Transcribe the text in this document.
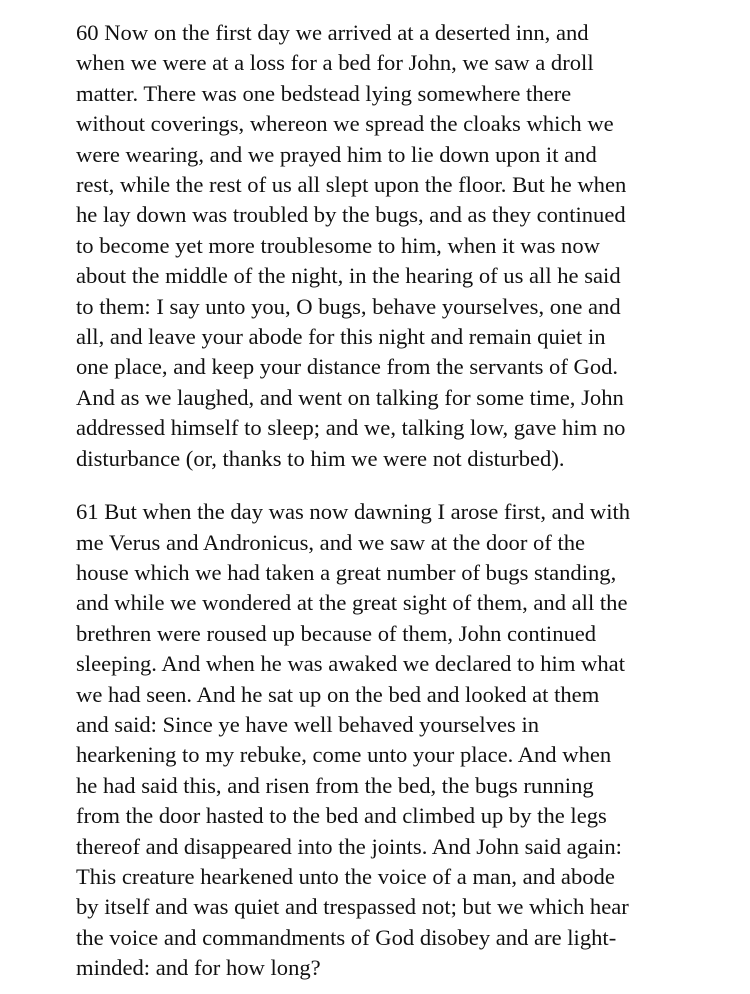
60 Now on the first day we arrived at a deserted inn, and
when we were at a loss for a bed for John, we saw a droll
matter. There was one bedstead lying somewhere there
without coverings, whereon we spread the cloaks which we
were wearing, and we prayed him to lie down upon it and
rest, while the rest of us all slept upon the floor. But he when
he lay down was troubled by the bugs, and as they continued
to become yet more troublesome to him, when it was now
about the middle of the night, in the hearing of us all he said
to them: I say unto you, O bugs, behave yourselves, one and
all, and leave your abode for this night and remain quiet in
one place, and keep your distance from the servants of God.
And as we laughed, and went on talking for some time, John
addressed himself to sleep; and we, talking low, gave him no
disturbance (or, thanks to him we were not disturbed).

61 But when the day was now dawning I arose first, and with
me Verus and Andronicus, and we saw at the door of the
house which we had taken a great number of bugs standing,
and while we wondered at the great sight of them, and all the
brethren were roused up because of them, John continued
sleeping. And when he was awaked we declared to him what
we had seen. And he sat up on the bed and looked at them
and said: Since ye have well behaved yourselves in
hearkening to my rebuke, come unto your place. And when
he had said this, and risen from the bed, the bugs running
from the door hasted to the bed and climbed up by the legs
thereof and disappeared into the joints. And John said again:
This creature hearkened unto the voice of a man, and abode
by itself and was quiet and trespassed not; but we which hear
the voice and commandments of God disobey and are light-
minded: and for how long?
